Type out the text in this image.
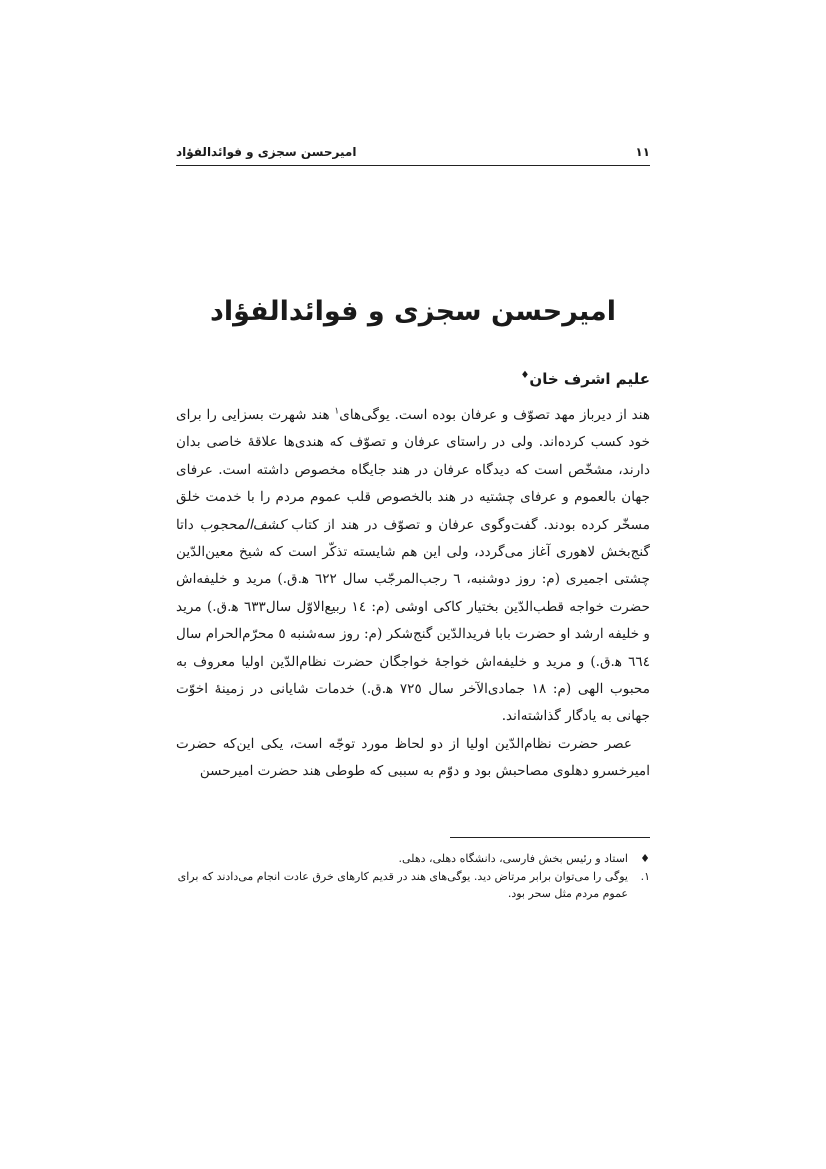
۱۱
امیرحسن سجزی و فوائدالفؤاد
امیرحسن سجزی و فوائدالفؤاد
علیم اشرف خان♦

هند از دیرباز مهد تصوّف و عرفان بوده است. یوگی‌های$^۱$ هند شهرت بسزایی را برای خود کسب کرده‌اند. ولی در راستای عرفان و تصوّف که هندی‌ها علاقهٔ خاصی بدان دارند، مشخّص است که دیدگاه عرفان در هند جایگاه مخصوص داشته است. عرفای جهان بالعموم و عرفای چشتیه در هند بالخصوص قلب عموم مردم را با خدمت خلق مسخّر کرده بودند. گفت‌وگوی عرفان و تصوّف در هند از کتاب کشف‌المحجوب داتا گنج‌بخش لاهوری آغاز می‌گردد، ولی این هم شایسته تذکّر است که شیخ معین‌الدّین چشتی اجمیری (م: روز دوشنبه، ٦ رجب‌المرجّب سال ٦٢٢ ه‍.ق.) مرید و خلیفه‌اش حضرت خواجه قطب‌الدّین بختیار کاکی اوشی (م: ١٤ ربیع‌الاوّل سال٦٣٣ ه‍.ق.) مرید و خلیفه ارشد او حضرت بابا فریدالدّین گنج‌شکر (م: روز سه‌شنبه ٥ محرّم‌الحرام سال ٦٦٤ ه‍.ق.) و مرید و خلیفه‌اش خواجهٔ خواجگان حضرت نظام‌الدّین اولیا معروف به محبوب الهی (م: ١٨ جمادی‌الآخر سال ٧٢٥ ه‍.ق.) خدمات شایانی در زمینهٔ اخوّت جهانی به یادگار گذاشته‌اند.

عصر حضرت نظام‌الدّین اولیا از دو لحاظ مورد توجّه است، یکی این‌که حضرت امیرخسرو دهلوی مصاحبش بود و دوّم به سببی که طوطی هند حضرت امیرحسن

♦
استاد و رئیس بخش فارسی، دانشگاه دهلی، دهلی.
۱.
یوگی را می‌توان برابر مرتاض دید. یوگی‌های هند در قدیم کارهای خرق عادت انجام می‌دادند که برای عموم مردم مثل سحر بود.
